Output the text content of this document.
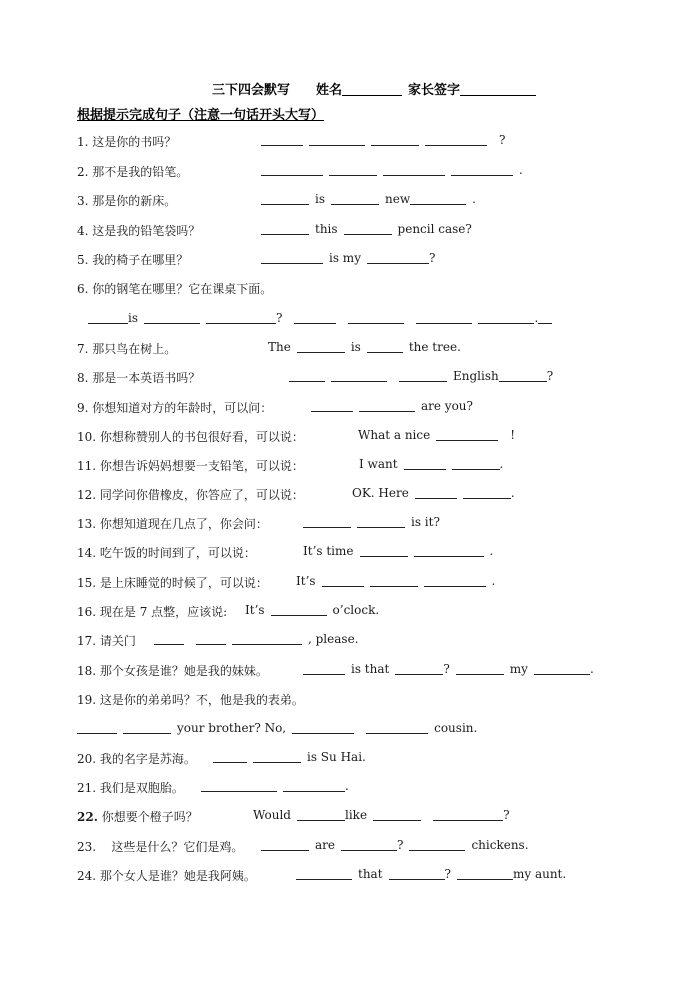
三下四会默写 姓名	家长签字
根据提示完成句子（注意一句话开头大写）
1. 这是你的书吗？	?
2. 那不是我的铅笔。	.
3. 那是你的新床。	is	new	.
4. 这是我的铅笔袋吗？	this	pencil case?
5. 我的椅子在哪里？	is my	?
6. 你的钢笔在哪里？它在课桌下面。
is	?	.
7. 那只鸟在树上。	The	is	the tree.
8. 那是一本英语书吗？	English	?
9. 你想知道对方的年龄时，可以问：	are you?
10. 你想称赞别人的书包很好看，可以说：	What a nice	!
11. 你想告诉妈妈想要一支铅笔，可以说：	I want	.
12. 同学问你借橡皮，你答应了，可以说：	OK. Here	.
13. 你想知道现在几点了，你会问：	is it?
14. 吃午饭的时间到了，可以说：	It’s time	.
15. 是上床睡觉的时候了，可以说： It’s	.
16. 现在是 7 点整，应该说: It’s	o’clock.
17. 请关门	, please.
18. 那个女孩是谁？她是我的妹妹。	is that	?	my	.
19. 这是你的弟弟吗？不，他是我的表弟。
your brother? No,	cousin.
20. 我的名字是苏海。	is Su Hai.
21. 我们是双胞胎。	.
22. 你想要个橙子吗？	Would	like	?
23. 这些是什么？它们是鸡。	are	?	chickens.
24. 那个女人是谁？她是我阿姨。	that	?	my aunt.
